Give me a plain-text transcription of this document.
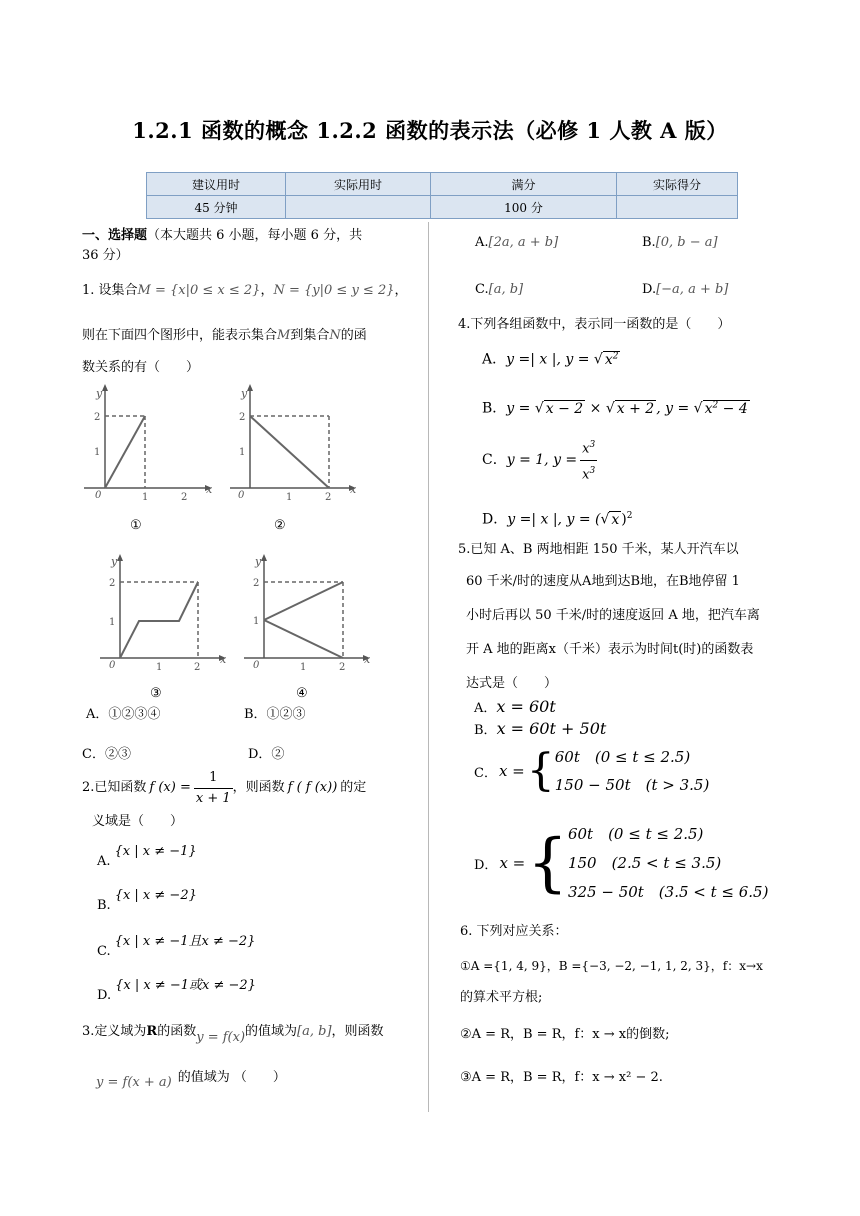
1.2.1 函数的概念 1.2.2 函数的表示法（必修 1 人教 A 版）
建议用时	实际用时	满分	实际得分
45 分钟		100 分	
一、选择题（本大题共 6 小题，每小题 6 分，共
36 分）
1. 设集合M = {x|0 ≤ x ≤ 2}，N = {y|0 ≤ y ≤ 2}，
则在下面四个图形中，能表示集合M到集合N的函
数关系的有（　　）
y
2
1
0	1	2
x
①
y
2
1
0	1	2
x
②
y
2
1
0	1	2
x
③
y
2
1
0	1	2
x
④
A．①②③④	B．①②③
C．②③	D．②
2.已知函数 f $(x) = \frac{1}{x + 1}$ ，则函数 f ( f (x)) 的定
义域是（　　）
A.{x | x ≠ −1}
B.{x | x ≠ −2}
C.{x | x ≠ −1且x ≠ −2}
D.{x | x ≠ −1或x ≠ −2}
3.定义域为R的函数y = f(x)的值域为[a, b]，则函数
y = f(x + a) 的值域为 （　　）
A.[2a, a + b]	B.[0, b − a]
C.[a, b]	D.[−a, a + b]
4.下列各组函数中，表示同一函数的是（　　）
A．y =| x |, y = √ $x^2$
B．y = √ x − 2 × √ x + 2 , y = √ $x^2 - 4$
C． y = 1, $y = \frac{x^3}{x^3}$
D．y =| x |, y = (√ x )$^2$
5.已知 A、B 两地相距 150 千米，某人开汽车以
60 千米/时的速度从A地到达B地，在B地停留 1
小时后再以 50 千米/时的速度返回 A 地，把汽车离
开 A 地的距离x（千米）表示为时间t(时)的函数表
达式是（　　）
A．x = 60t
B．x = 60t + 50t
C． x = { 60t　(0 ≤ t ≤ 2.5)
150 − 50t　(t > 3.5)
D． x = { 60t　(0 ≤ t ≤ 2.5)
150　(2.5 < t ≤ 3.5)
325 − 50t　(3.5 < t ≤ 6.5)
6. 下列对应关系：
①A ={1, 4, 9}，B ={−3, −2, −1, 1, 2, 3}，f：x→x
的算术平方根;
②A = R，B = R，f：x → x的倒数;
③A = R，B = R，f：x → x² − 2.
